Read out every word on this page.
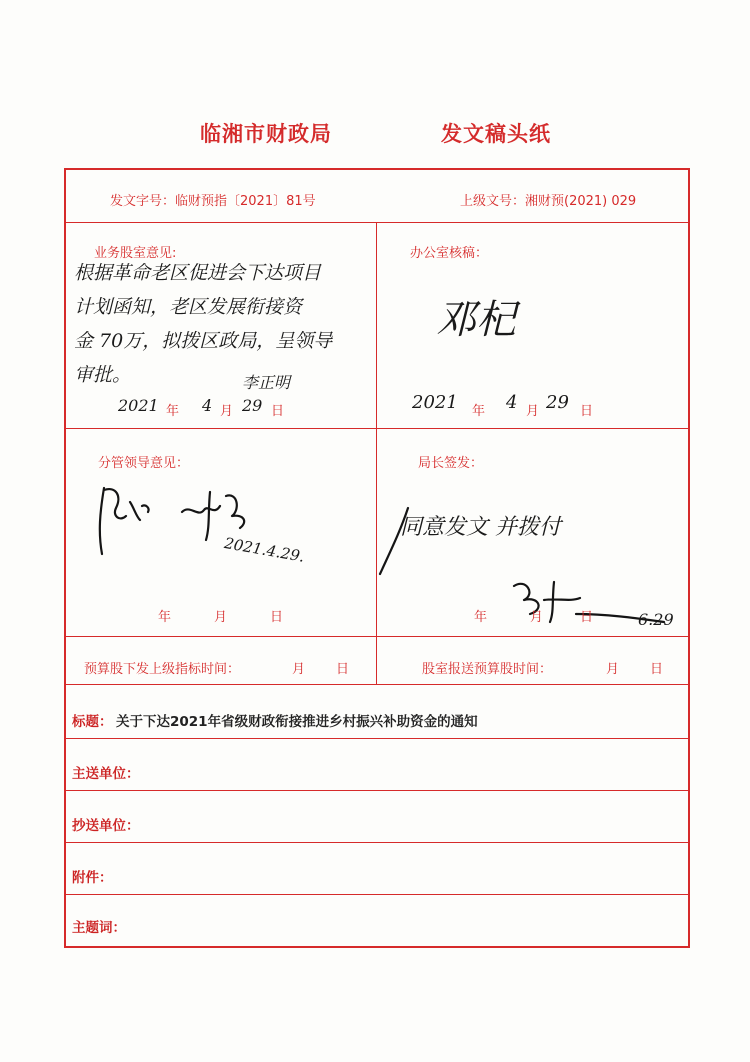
临湘市财政局	发文稿头纸
发文字号：临财预指〔2021〕81号	上级文号：湘财预(2021) 029
业务股室意见:
根据革命老区促进会下达项目
计划函知，老区发展衔接资
金 70万，拟拨区政局，呈领导
审批。	李正明
2021 年 4 月 29 日
办公室核稿：
邓杞
2021 年 4 月 29 日
分管领导意见：
2021.4.29.
年	月	日
局长签发：
同意发文 并拨付
6.29
年	月	日
预算股下发上级指标时间：	月 日	股室报送预算股时间：	月 日
标题： 关于下达2021年省级财政衔接推进乡村振兴补助资金的通知
主送单位：
抄送单位：
附件：
主题词：
